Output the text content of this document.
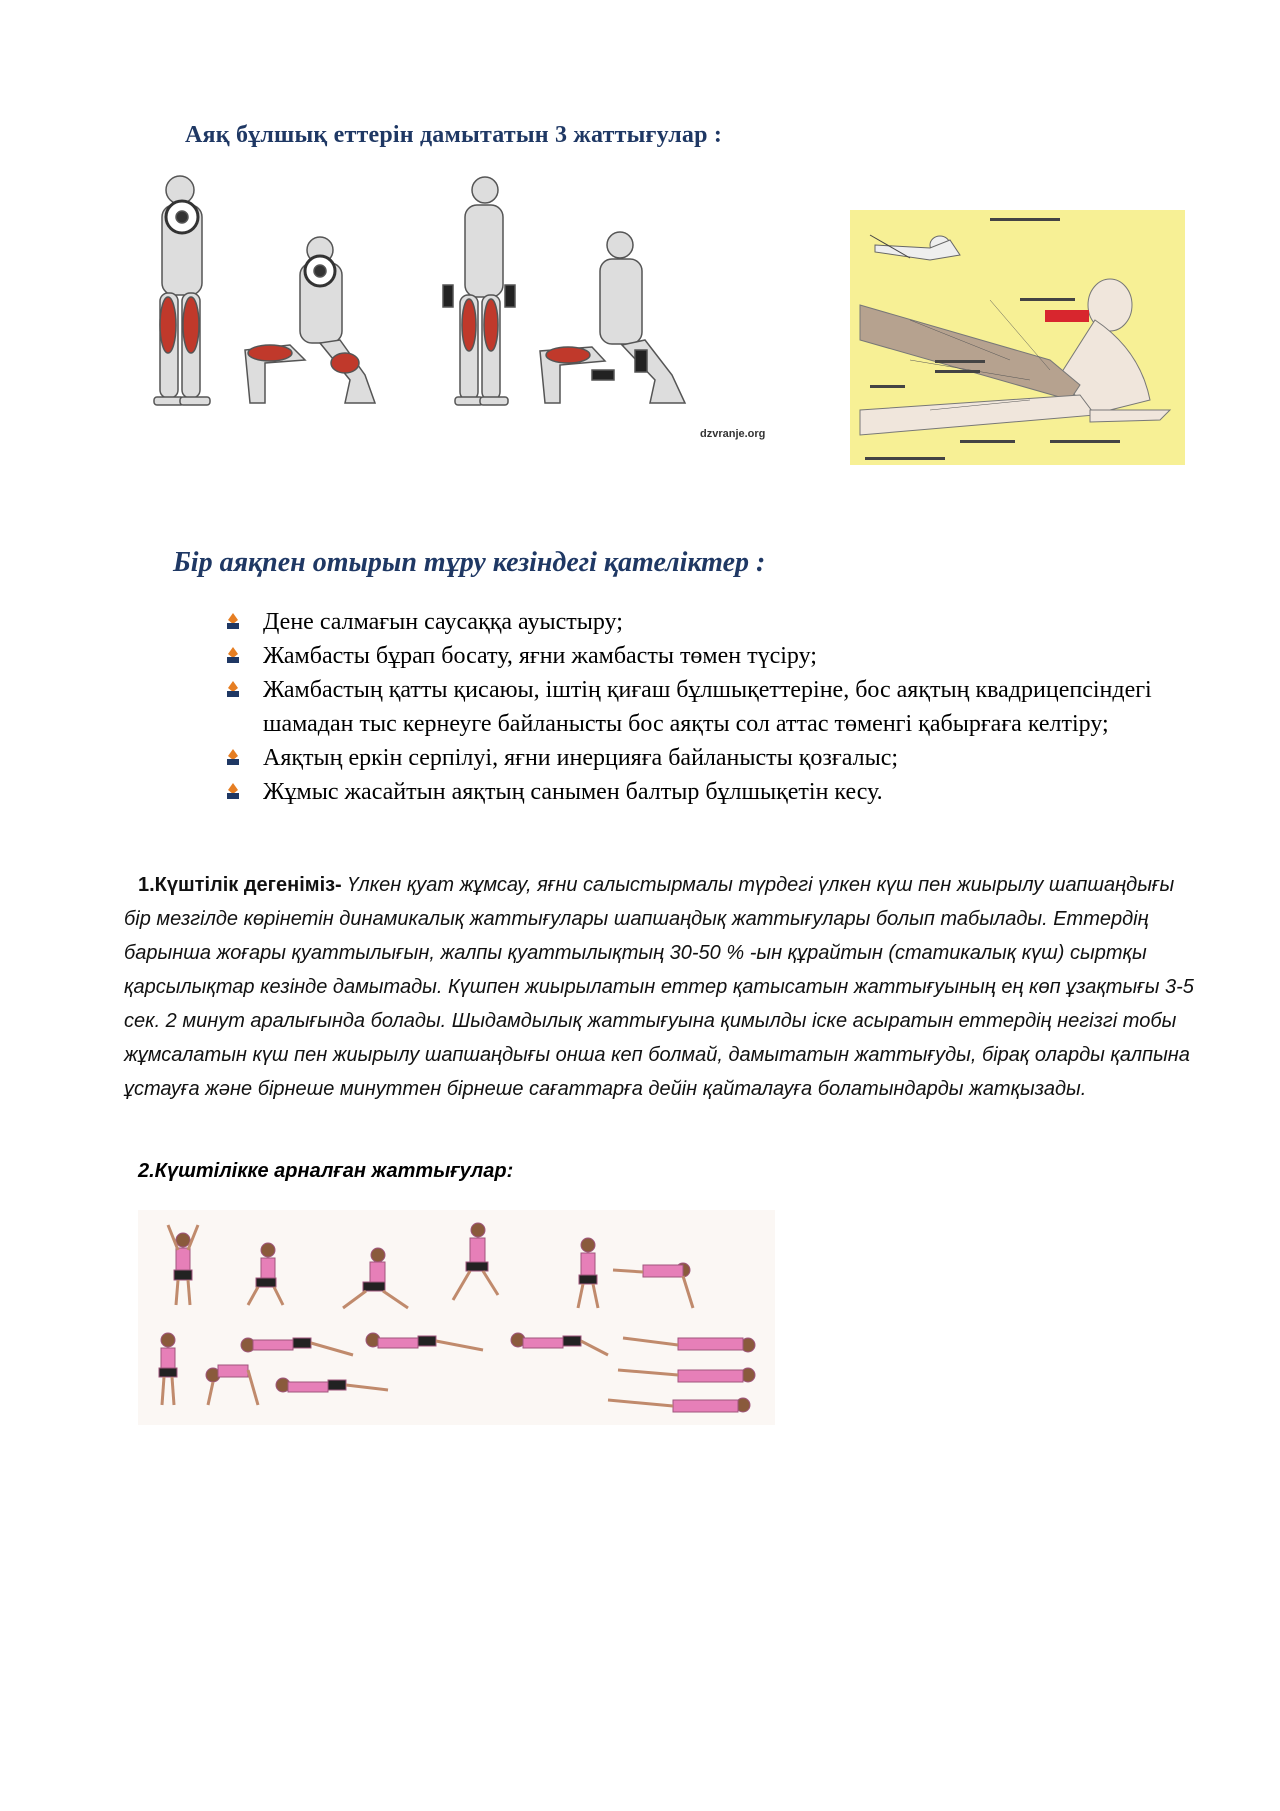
Аяқ бұлшық еттерін дамытатын 3 жаттығулар :
dzvranje.org
Бір аяқпен отырып тұру кезіндегі қателіктер :
Дене салмағын саусаққа ауыстыру;
Жамбасты бұрап босату, яғни жамбасты төмен түсіру;
Жамбастың қатты қисаюы, іштің қиғаш бұлшықеттеріне, бос аяқтың квадрицепсіндегі шамадан тыс кернеуге байланысты бос аяқты сол аттас төменгі қабырғаға келтіру;
Аяқтың еркін серпілуі, яғни инерцияға байланысты қозғалыс;
Жұмыс жасайтын аяқтың санымен балтыр бұлшықетін кесу.
1.Күштілік дегеніміз- Үлкен қуат жұмсау, яғни салыстырмалы түрдегі үлкен күш пен жиырылу шапшаңдығы бір мезгілде көрінетін динамикалық жаттығулары шапшаңдық жаттығулары болып табылады. Еттердің барынша жоғары қуаттылығын, жалпы қуаттылықтың 30-50 % -ын құрайтын (статикалық күш) сыртқы қарсылықтар кезінде дамытады. Күшпен жиырылатын еттер қатысатын жаттығуының ең көп ұзақтығы 3-5 сек. 2 минут аралығында болады. Шыдамдылық жаттығуына қимылды іске асыратын еттердің негізгі тобы жұмсалатын күш пен жиырылу шапшаңдығы онша кеп болмай, дамытатын жаттығуды, бірақ оларды қалпына ұстауға және бірнеше минуттен бірнеше сағаттарға дейін қайталауға болатындарды жатқызады.
2.Күштілікке арналған жаттығулар:
